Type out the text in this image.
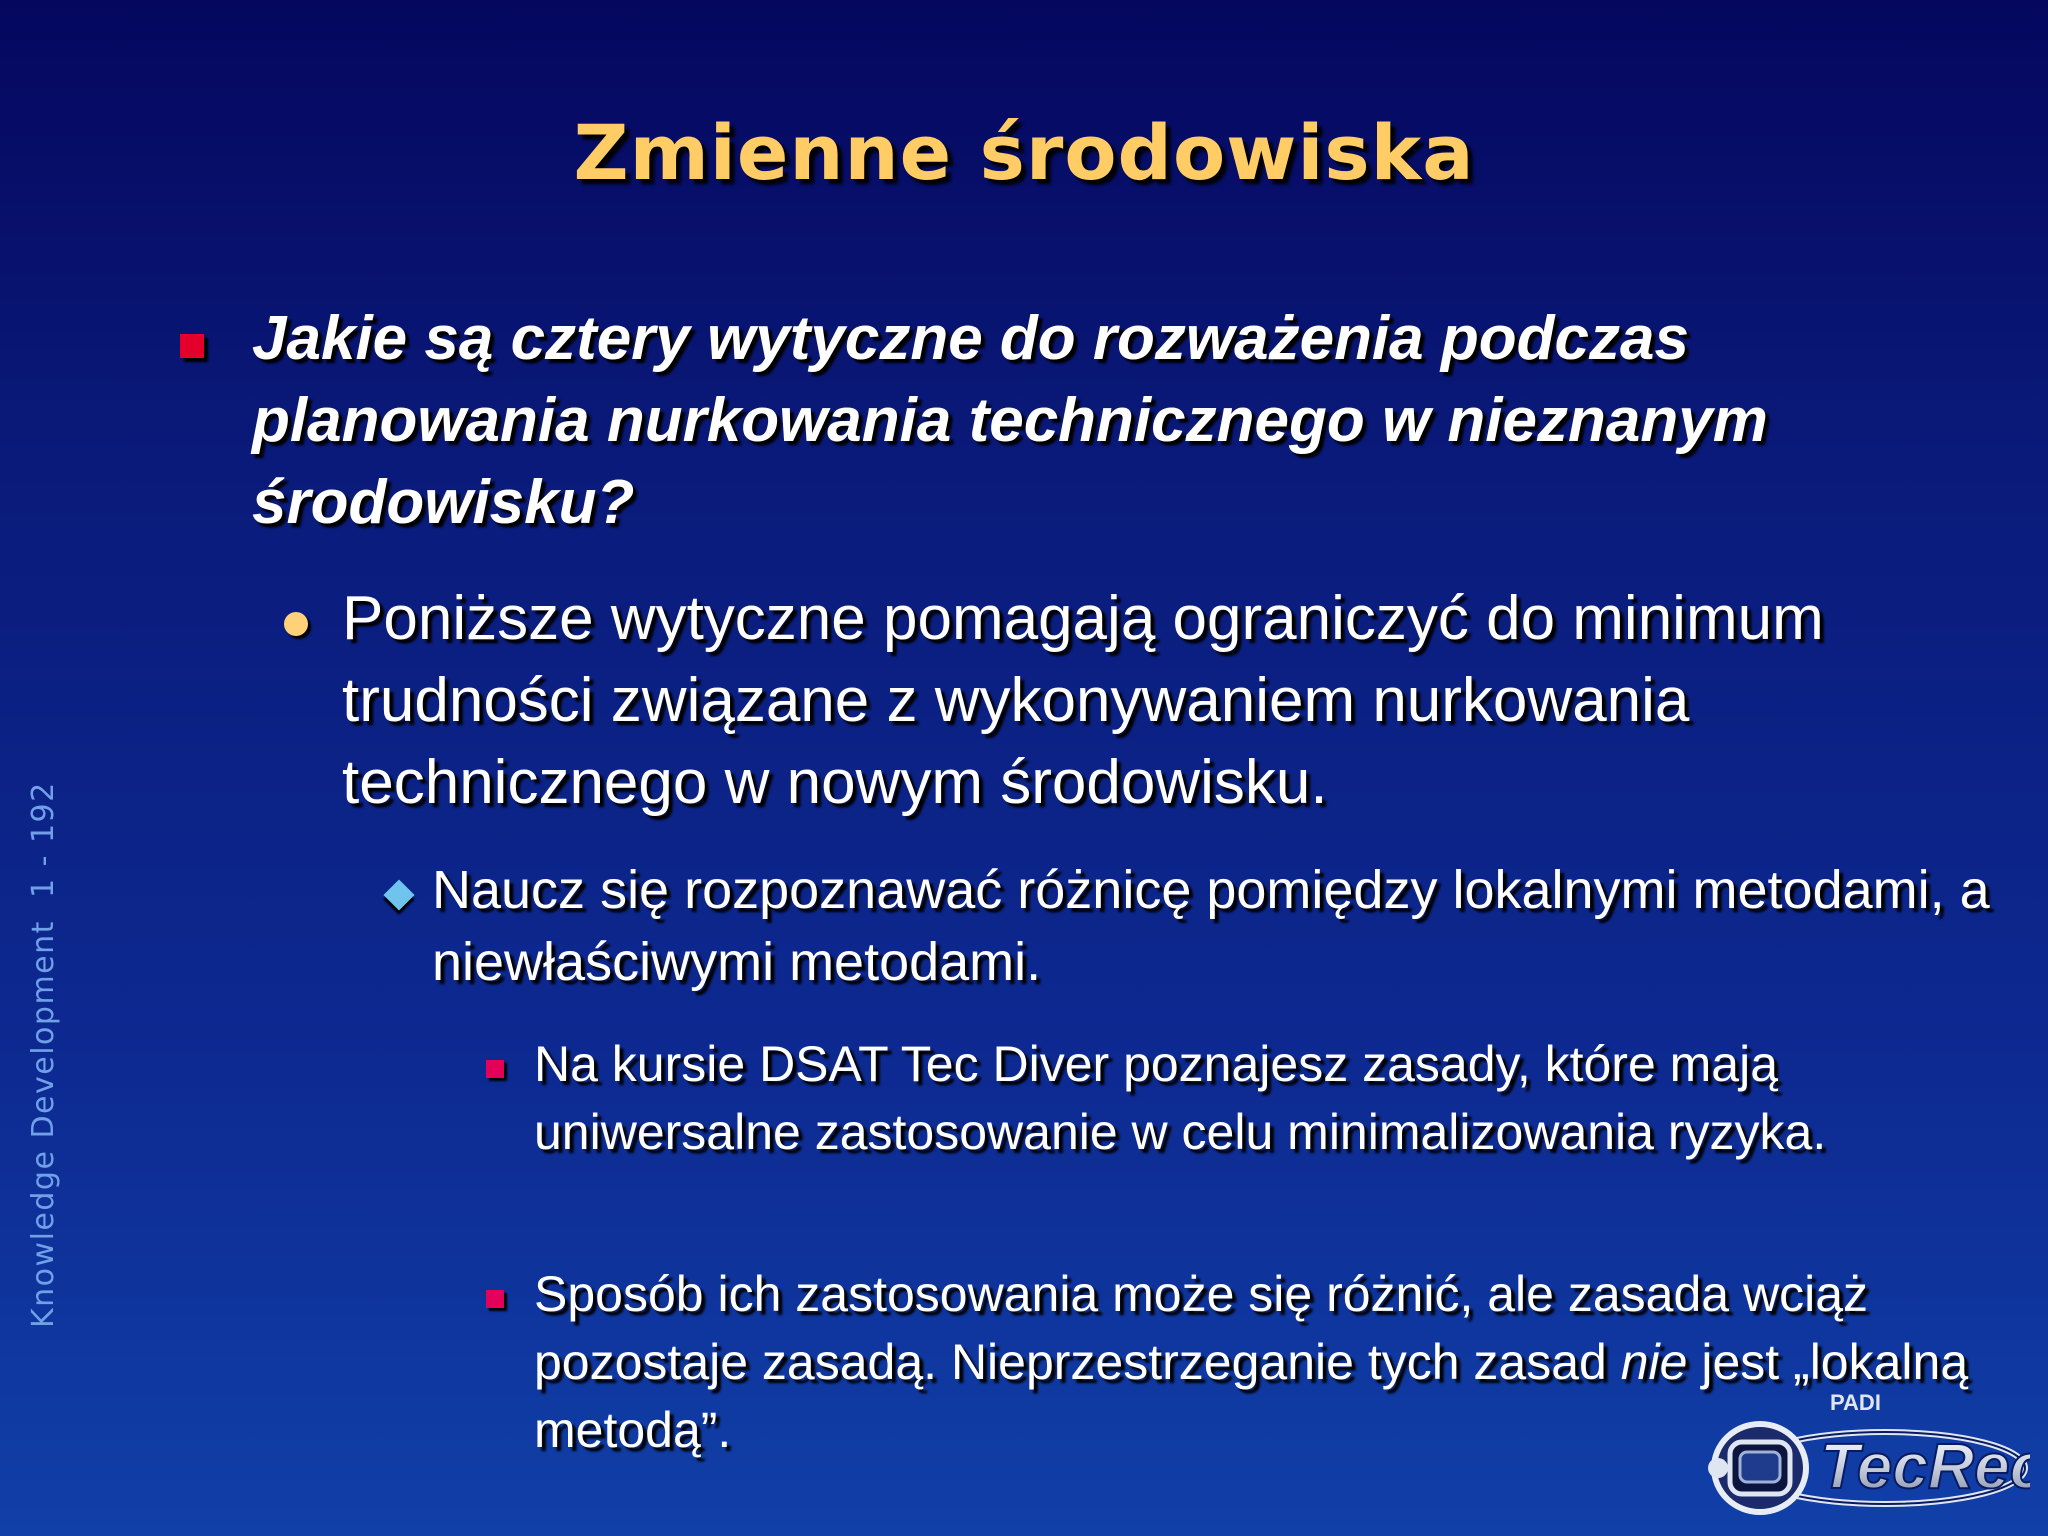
Zmienne środowiska
Knowledge Development  1 - 192
Jakie są cztery wytyczne do rozważenia podczas planowania nurkowania technicznego w nieznanym środowisku?
Poniższe wytyczne pomagają ograniczyć do minimum trudności związane z wykonywaniem nurkowania technicznego w nowym środowisku.
Naucz się rozpoznawać różnicę pomiędzy lokalnymi metodami, a niewłaściwymi metodami.
Na kursie DSAT Tec Diver poznajesz zasady, które mają uniwersalne zastosowanie w celu minimalizowania ryzyka.
Sposób ich zastosowania może się różnić, ale zasada wciąż pozostaje zasadą. Nieprzestrzeganie tych zasad nie jest „lokalną metodą”.	PADI
TecRec
